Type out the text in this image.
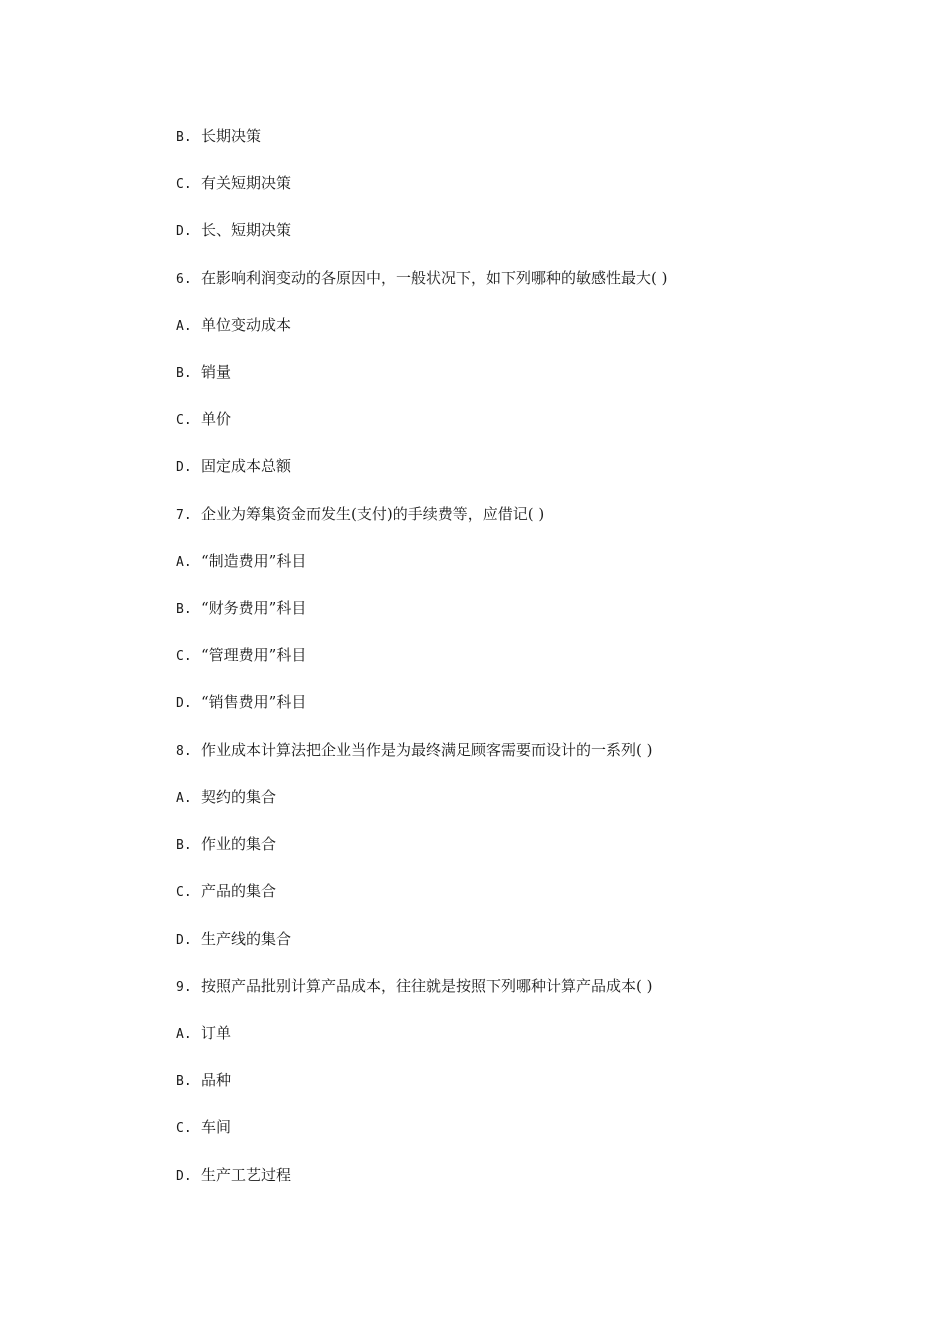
B. 长期决策
C. 有关短期决策
D. 长、短期决策
6. 在影响利润变动的各原因中，一般状况下，如下列哪种的敏感性最大( )
A. 单位变动成本
B. 销量
C. 单价
D. 固定成本总额
7. 企业为筹集资金而发生(支付)的手续费等，应借记( )
A. “制造费用”科目
B. “财务费用”科目
C. “管理费用”科目
D. “销售费用”科目
8. 作业成本计算法把企业当作是为最终满足顾客需要而设计的一系列( )
A. 契约的集合
B. 作业的集合
C. 产品的集合
D. 生产线的集合
9. 按照产品批别计算产品成本，往往就是按照下列哪种计算产品成本( )
A. 订单
B. 品种
C. 车间
D. 生产工艺过程
